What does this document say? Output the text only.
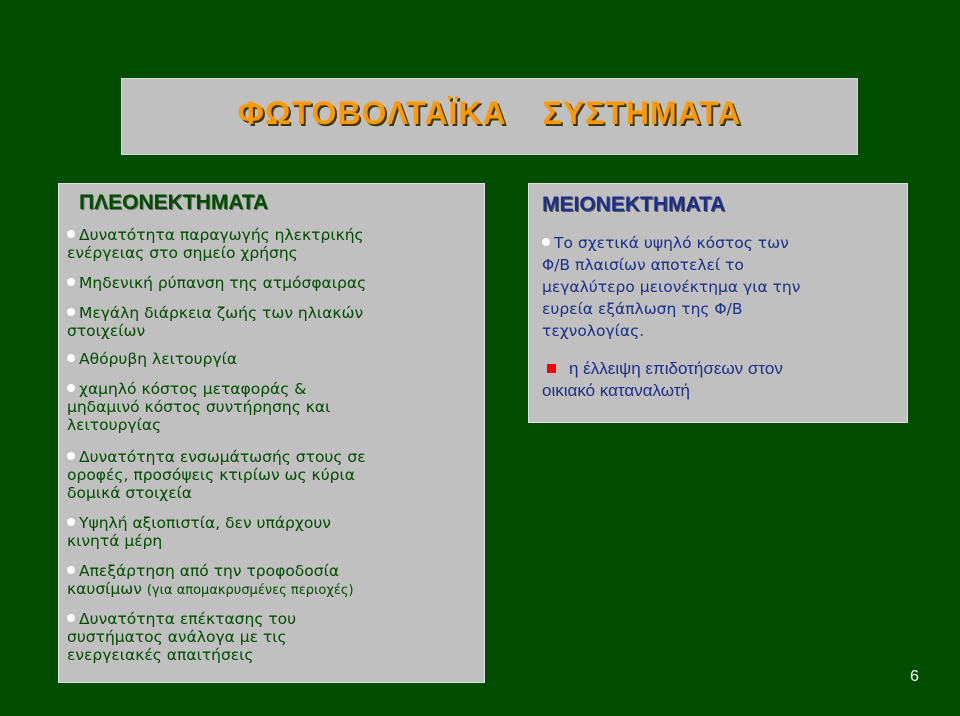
ΦΩΤΟΒΟΛΤΑΪΚΑ ΣΥΣΤΗΜΑΤΑ
ΠΛΕΟΝΕΚΤΗΜΑΤΑ
Δυνατότητα παραγωγής ηλεκτρικής
ενέργειας στο σημείο χρήσης
Μηδενική ρύπανση της ατμόσφαιρας
Μεγάλη διάρκεια ζωής των ηλιακών
στοιχείων
Αθόρυβη λειτουργία
χαμηλό κόστος μεταφοράς &
μηδαμινό κόστος συντήρησης και
λειτουργίας
Δυνατότητα ενσωμάτωσής στους σε
οροφές, προσόψεις κτιρίων ως κύρια
δομικά στοιχεία
Υψηλή αξιοπιστία, δεν υπάρχουν
κινητά μέρη
Απεξάρτηση από την τροφοδοσία
καυσίμων (για απομακρυσμένες περιοχές)
Δυνατότητα επέκτασης του
συστήματος ανάλογα με τις
ενεργειακές απαιτήσεις
ΜΕΙΟΝΕΚΤΗΜΑΤΑ
Το σχετικά υψηλό κόστος των
Φ/Β πλαισίων αποτελεί το
μεγαλύτερο μειονέκτημα για την
ευρεία εξάπλωση της Φ/Β
τεχνολογίας.
η έλλειψη επιδοτήσεων στον
οικιακό καταναλωτή
6
